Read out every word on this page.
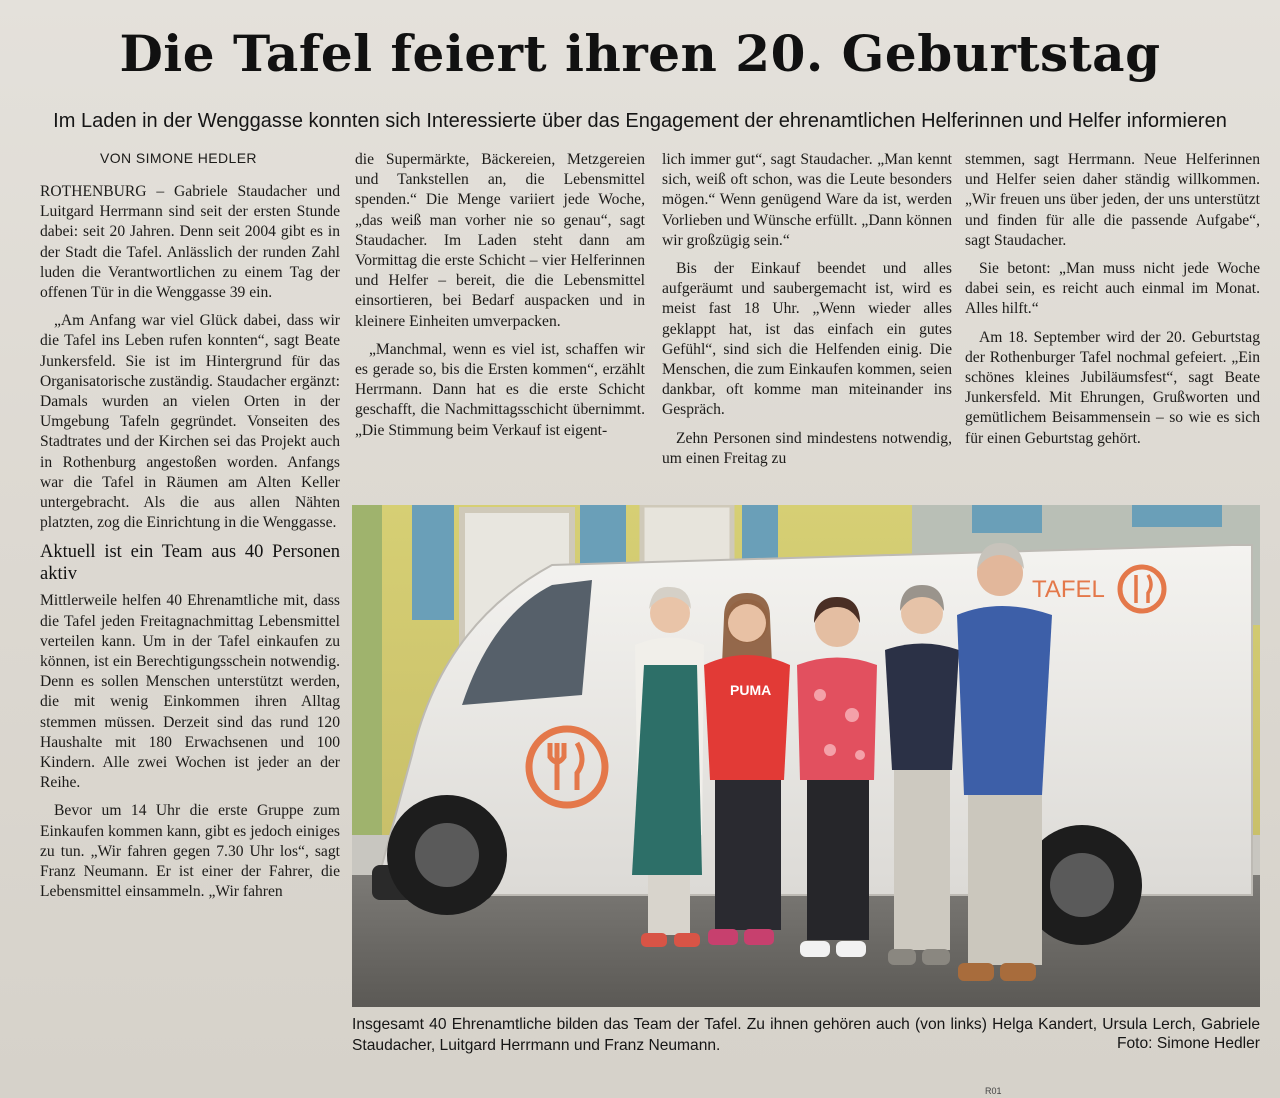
Die Tafel feiert ihren 20. Geburtstag
Im Laden in der Wenggasse konnten sich Interessierte über das Engagement der ehrenamtlichen Helferinnen und Helfer informieren
VON SIMONE HEDLER

ROTHENBURG – Gabriele Staudacher und Luitgard Herrmann sind seit der ersten Stunde dabei: seit 20 Jahren. Denn seit 2004 gibt es in der Stadt die Tafel. Anlässlich der runden Zahl luden die Verantwortlichen zu einem Tag der offenen Tür in die Wenggasse 39 ein.

„Am Anfang war viel Glück dabei, dass wir die Tafel ins Leben rufen konnten“, sagt Beate Junkersfeld. Sie ist im Hintergrund für das Organisatorische zuständig. Staudacher ergänzt: Damals wurden an vielen Orten in der Umgebung Tafeln gegründet. Vonseiten des Stadtrates und der Kirchen sei das Projekt auch in Rothenburg angestoßen worden. Anfangs war die Tafel in Räumen am Alten Keller untergebracht. Als die aus allen Nähten platzten, zog die Einrichtung in die Wenggasse.

Aktuell ist ein Team aus 40 Personen aktiv

Mittlerweile helfen 40 Ehrenamtliche mit, dass die Tafel jeden Freitagnachmittag Lebensmittel verteilen kann. Um in der Tafel einkaufen zu können, ist ein Berechtigungsschein notwendig. Denn es sollen Menschen unterstützt werden, die mit wenig Einkommen ihren Alltag stemmen müssen. Derzeit sind das rund 120 Haushalte mit 180 Erwachsenen und 100 Kindern. Alle zwei Wochen ist jeder an der Reihe.

Bevor um 14 Uhr die erste Gruppe zum Einkaufen kommen kann, gibt es jedoch einiges zu tun. „Wir fahren gegen 7.30 Uhr los“, sagt Franz Neumann. Er ist einer der Fahrer, die Lebensmittel einsammeln. „Wir fahren

die Supermärkte, Bäckereien, Metzgereien und Tankstellen an, die Lebensmittel spenden.“ Die Menge variiert jede Woche, „das weiß man vorher nie so genau“, sagt Staudacher. Im Laden steht dann am Vormittag die erste Schicht – vier Helferinnen und Helfer – bereit, die die Lebensmittel einsortieren, bei Bedarf auspacken und in kleinere Einheiten umverpacken.

„Manchmal, wenn es viel ist, schaffen wir es gerade so, bis die Ersten kommen“, erzählt Herrmann. Dann hat es die erste Schicht geschafft, die Nachmittagsschicht übernimmt. „Die Stimmung beim Verkauf ist eigent-

lich immer gut“, sagt Staudacher. „Man kennt sich, weiß oft schon, was die Leute besonders mögen.“ Wenn genügend Ware da ist, werden Vorlieben und Wünsche erfüllt. „Dann können wir großzügig sein.“

Bis der Einkauf beendet und alles aufgeräumt und saubergemacht ist, wird es meist fast 18 Uhr. „Wenn wieder alles geklappt hat, ist das einfach ein gutes Gefühl“, sind sich die Helfenden einig. Die Menschen, die zum Einkaufen kommen, seien dankbar, oft komme man miteinander ins Gespräch.

Zehn Personen sind mindestens notwendig, um einen Freitag zu

stemmen, sagt Herrmann. Neue Helferinnen und Helfer seien daher ständig willkommen. „Wir freuen uns über jeden, der uns unterstützt und finden für alle die passende Aufgabe“, sagt Staudacher.

Sie betont: „Man muss nicht jede Woche dabei sein, es reicht auch einmal im Monat. Alles hilft.“

Am 18. September wird der 20. Geburtstag der Rothenburger Tafel nochmal gefeiert. „Ein schönes kleines Jubiläumsfest“, sagt Beate Junkersfeld. Mit Ehrungen, Grußworten und gemütlichem Beisammensein – so wie es sich für einen Geburtstag gehört.

TAFEL
PUMA
Insgesamt 40 Ehrenamtliche bilden das Team der Tafel. Zu ihnen gehören auch (von links) Helga Kandert, Ursula Lerch, Gabriele Staudacher, Luitgard Herrmann und Franz Neumann.	Foto: Simone Hedler
R01
